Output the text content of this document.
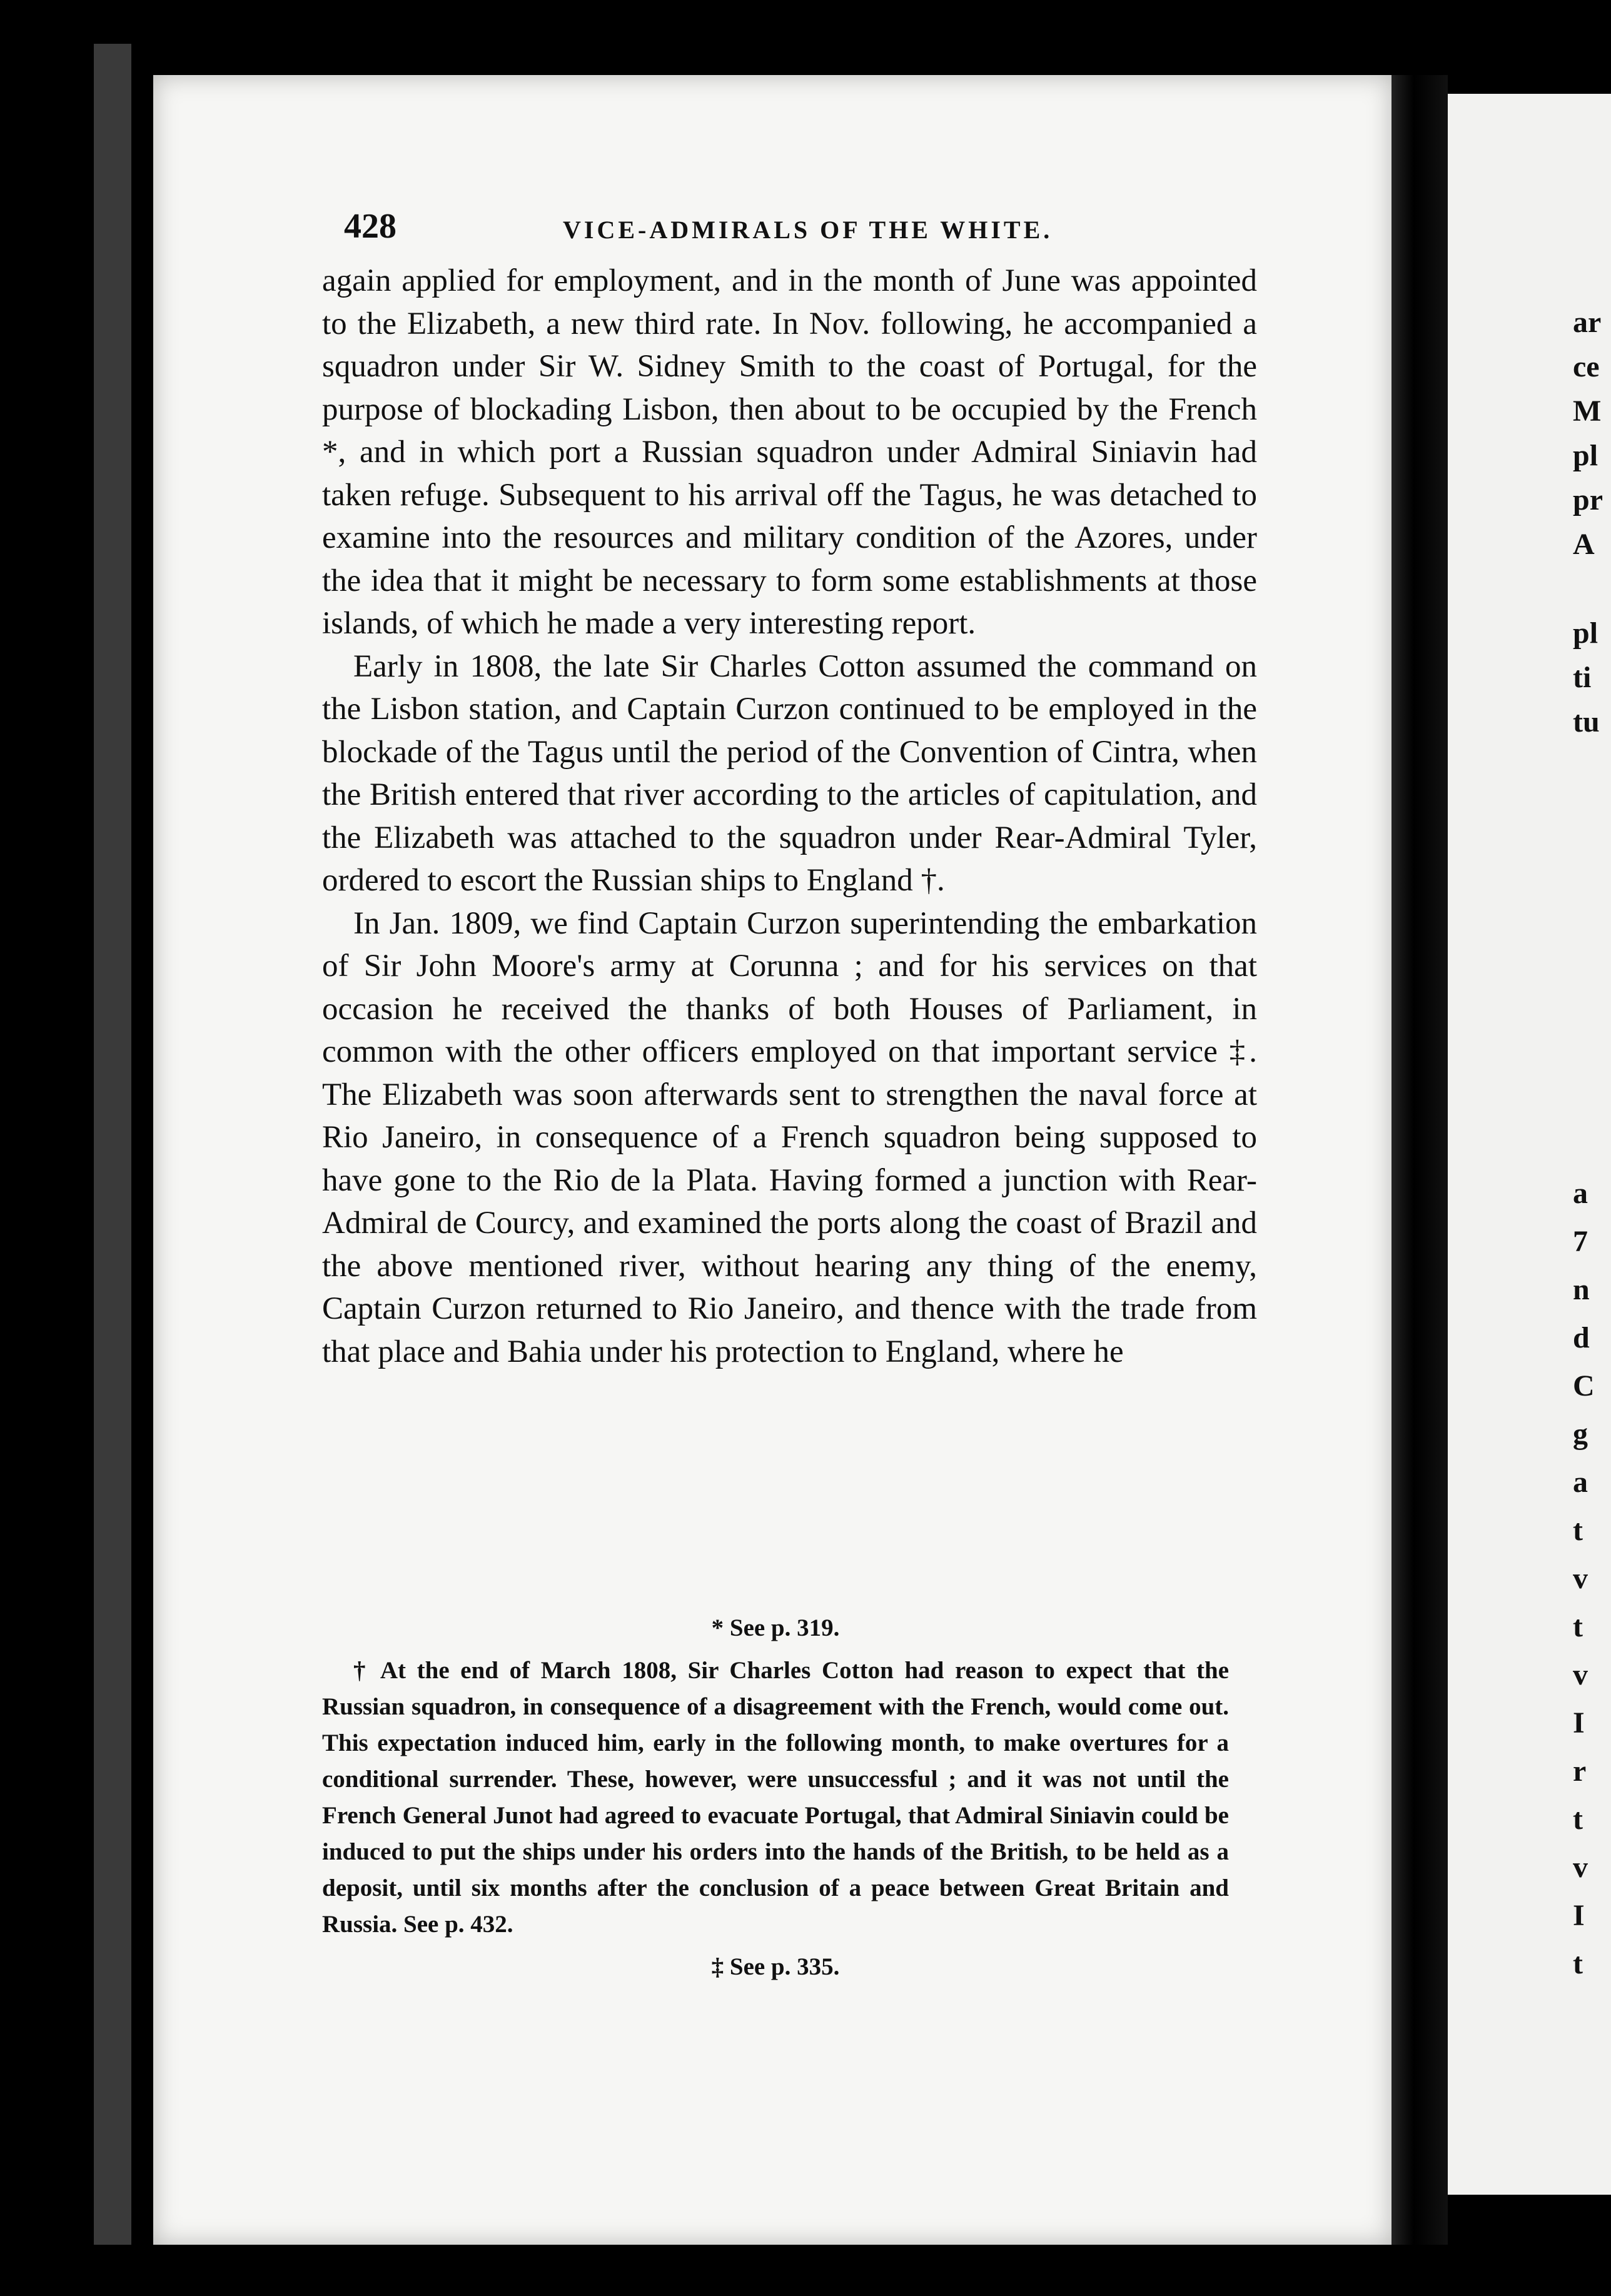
428	VICE-ADMIRALS OF THE WHITE.

again applied for employment, and in the month of June was appointed to the Elizabeth, a new third rate. In Nov. following, he accompanied a squadron under Sir W. Sidney Smith to the coast of Portugal, for the purpose of blockading Lisbon, then about to be occupied by the French *, and in which port a Russian squadron under Admiral Siniavin had taken refuge. Subsequent to his arrival off the Tagus, he was detached to examine into the resources and military condition of the Azores, under the idea that it might be necessary to form some establishments at those islands, of which he made a very interesting report.

Early in 1808, the late Sir Charles Cotton assumed the command on the Lisbon station, and Captain Curzon continued to be employed in the blockade of the Tagus until the period of the Convention of Cintra, when the British entered that river according to the articles of capitulation, and the Elizabeth was attached to the squadron under Rear-Admiral Tyler, ordered to escort the Russian ships to England †.

In Jan. 1809, we find Captain Curzon superintending the embarkation of Sir John Moore's army at Corunna ; and for his services on that occasion he received the thanks of both Houses of Parliament, in common with the other officers employed on that important service ‡. The Elizabeth was soon afterwards sent to strengthen the naval force at Rio Janeiro, in consequence of a French squadron being supposed to have gone to the Rio de la Plata. Having formed a junction with Rear-Admiral de Courcy, and examined the ports along the coast of Brazil and the above mentioned river, without hearing any thing of the enemy, Captain Curzon returned to Rio Janeiro, and thence with the trade from that place and Bahia under his protection to England, where he

* See p. 319.

† At the end of March 1808, Sir Charles Cotton had reason to expect that the Russian squadron, in consequence of a disagreement with the French, would come out. This expectation induced him, early in the following month, to make overtures for a conditional surrender. These, however, were unsuccessful ; and it was not until the French General Junot had agreed to evacuate Portugal, that Admiral Siniavin could be induced to put the ships under his orders into the hands of the British, to be held as a deposit, until six months after the conclusion of a peace between Great Britain and Russia. See p. 432.

‡ See p. 335.

ar
ce
M
pl
pr
A

pl
ti
tu
a
7
n
d
C
g
a
t
v
t
v
I
r
t
v
I
t
